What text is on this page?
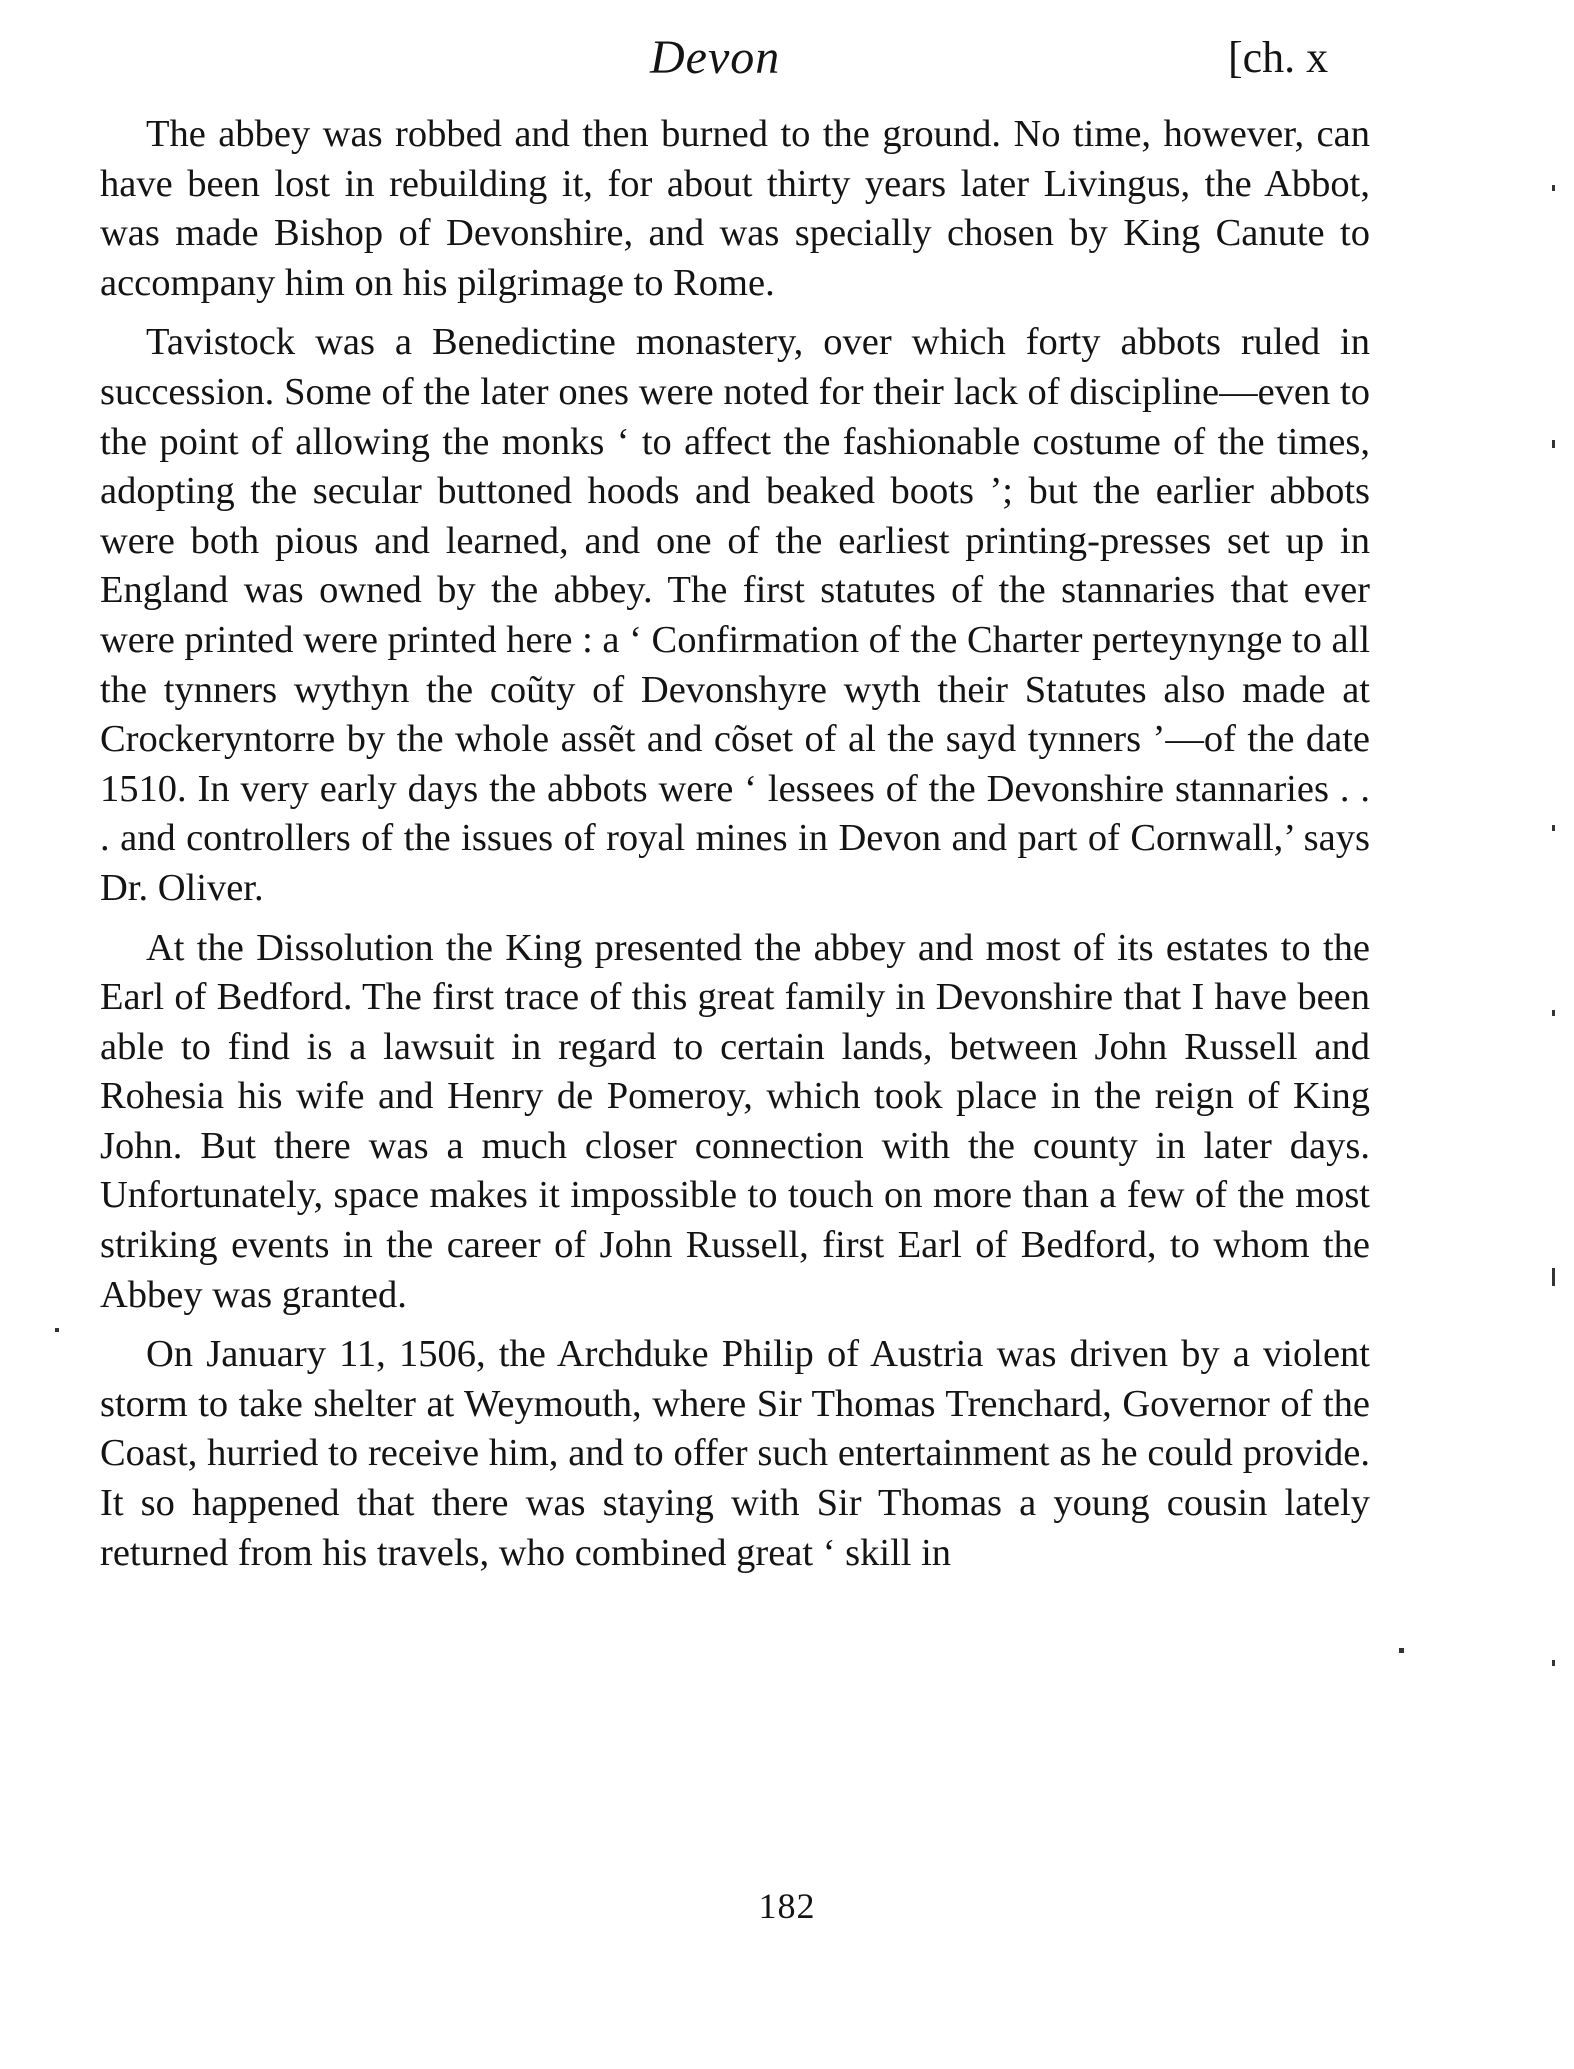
Devon	[ch. x

The abbey was robbed and then burned to the ground. No time, however, can have been lost in rebuilding it, for about thirty years later Livingus, the Abbot, was made Bishop of Devonshire, and was specially chosen by King Canute to accompany him on his pilgrimage to Rome.

Tavistock was a Benedictine monastery, over which forty abbots ruled in succession. Some of the later ones were noted for their lack of discipline—even to the point of allowing the monks ‘ to affect the fashionable costume of the times, adopting the secular buttoned hoods and beaked boots ’; but the earlier abbots were both pious and learned, and one of the earliest printing-presses set up in England was owned by the abbey. The first statutes of the stannaries that ever were printed were printed here : a ‘ Confirmation of the Charter perteynynge to all the tynners wythyn the coũty of Devonshyre wyth their Statutes also made at Crockeryntorre by the whole assẽt and cõset of al the sayd tynners ’—of the date 1510. In very early days the abbots were ‘ lessees of the Devonshire stannaries . . . and controllers of the issues of royal mines in Devon and part of Cornwall,’ says Dr. Oliver.

At the Dissolution the King presented the abbey and most of its estates to the Earl of Bedford. The first trace of this great family in Devonshire that I have been able to find is a lawsuit in regard to certain lands, between John Russell and Rohesia his wife and Henry de Pomeroy, which took place in the reign of King John. But there was a much closer connection with the county in later days. Unfortunately, space makes it impossible to touch on more than a few of the most striking events in the career of John Russell, first Earl of Bedford, to whom the Abbey was granted.

On January 11, 1506, the Archduke Philip of Austria was driven by a violent storm to take shelter at Weymouth, where Sir Thomas Trenchard, Governor of the Coast, hurried to receive him, and to offer such entertainment as he could provide. It so happened that there was staying with Sir Thomas a young cousin lately returned from his travels, who combined great ‘ skill in

182
